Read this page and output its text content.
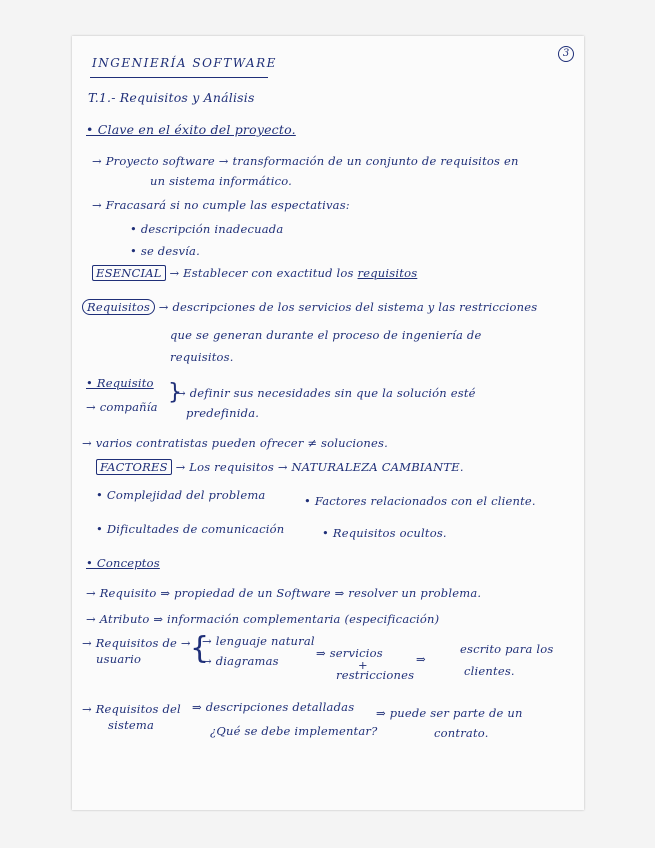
3
INGENIERÍA SOFTWARE
T.1.- Requisitos y Análisis
• Clave en el éxito del proyecto.
→ Proyecto software → transformación de un conjunto de requisitos en
un sistema informático.
→ Fracasará si no cumple las espectativas:
• descripción inadecuada
• se desvía.
ESENCIAL → Establecer con exactitud los requisitos
Requisitos → descripciones de los servicios del sistema y las restricciones
que se generan durante el proceso de ingeniería de
requisitos.
• Requisito }
→ definir sus necesidades sin que la solución esté
→ compañía predefinida.
→ varios contratistas pueden ofrecer ≠ soluciones.
FACTORES → Los requisitos → NATURALEZA CAMBIANTE.
• Complejidad del problema	• Factores relacionados con el cliente.
• Dificultades de comunicación	• Requisitos ocultos.
• Conceptos
→ Requisito ⇒ propiedad de un Software ⇒ resolver un problema.
→ Atributo ⇒ información complementaria (especificación)
→ Requisitos de →
usuario {
→ lenguaje natural
→ diagramas
⇒ servicios
+
restricciones
⇒
escrito para los
clientes.
→ Requisitos del
sistema
⇒ descripciones detalladas
¿Qué se debe implementar?
⇒ puede ser parte de un
contrato.
